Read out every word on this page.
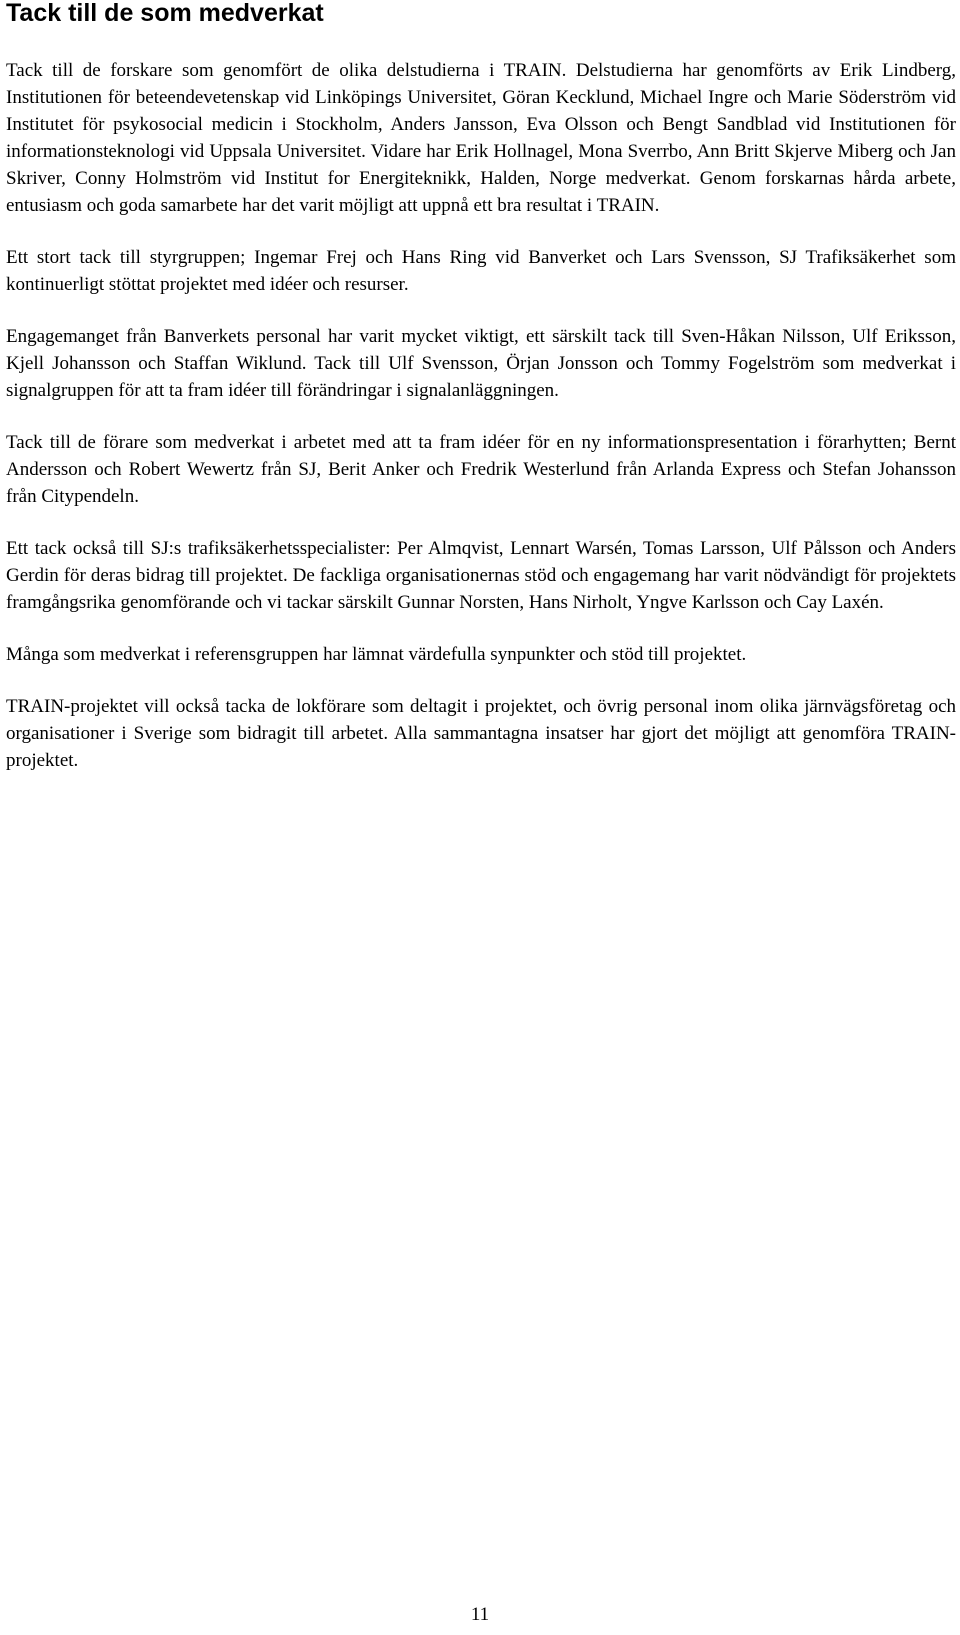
Tack till de som medverkat

Tack till de forskare som genomfört de olika delstudierna i TRAIN. Delstudierna har genomförts av Erik Lindberg, Institutionen för beteendevetenskap vid Linköpings Universitet, Göran Kecklund, Michael Ingre och Marie Söderström vid Institutet för psykosocial medicin i Stockholm, Anders Jansson, Eva Olsson och Bengt Sandblad vid Institutionen för informationsteknologi vid Uppsala Universitet. Vidare har Erik Hollnagel, Mona Sverrbo, Ann Britt Skjerve Miberg och Jan Skriver, Conny Holmström vid Institut for Energiteknikk, Halden, Norge medverkat. Genom forskarnas hårda arbete, entusiasm och goda samarbete har det varit möjligt att uppnå ett bra resultat i TRAIN.

Ett stort tack till styrgruppen; Ingemar Frej och Hans Ring vid Banverket och Lars Svensson, SJ Trafiksäkerhet som kontinuerligt stöttat projektet med idéer och resurser.

Engagemanget från Banverkets personal har varit mycket viktigt, ett särskilt tack till Sven-Håkan Nilsson, Ulf Eriksson, Kjell Johansson och Staffan Wiklund. Tack till Ulf Svensson, Örjan Jonsson och Tommy Fogelström som medverkat i signalgruppen för att ta fram idéer till förändringar i signalanläggningen.

Tack till de förare som medverkat i arbetet med att ta fram idéer för en ny informationspresentation i förarhytten; Bernt Andersson och Robert Wewertz från SJ, Berit Anker och Fredrik Westerlund från Arlanda Express och Stefan Johansson från Citypendeln.

Ett tack också till SJ:s trafiksäkerhetsspecialister: Per Almqvist, Lennart Warsén, Tomas Larsson, Ulf Pålsson och Anders Gerdin för deras bidrag till projektet. De fackliga organisationernas stöd och engagemang har varit nödvändigt för projektets framgångsrika genomförande och vi tackar särskilt Gunnar Norsten, Hans Nirholt, Yngve Karlsson och Cay Laxén.

Många som medverkat i referensgruppen har lämnat värdefulla synpunkter och stöd till projektet.

TRAIN-projektet vill också tacka de lokförare som deltagit i projektet, och övrig personal inom olika järnvägsföretag och organisationer i Sverige som bidragit till arbetet. Alla sammantagna insatser har gjort det möjligt att genomföra TRAIN-projektet.

11
